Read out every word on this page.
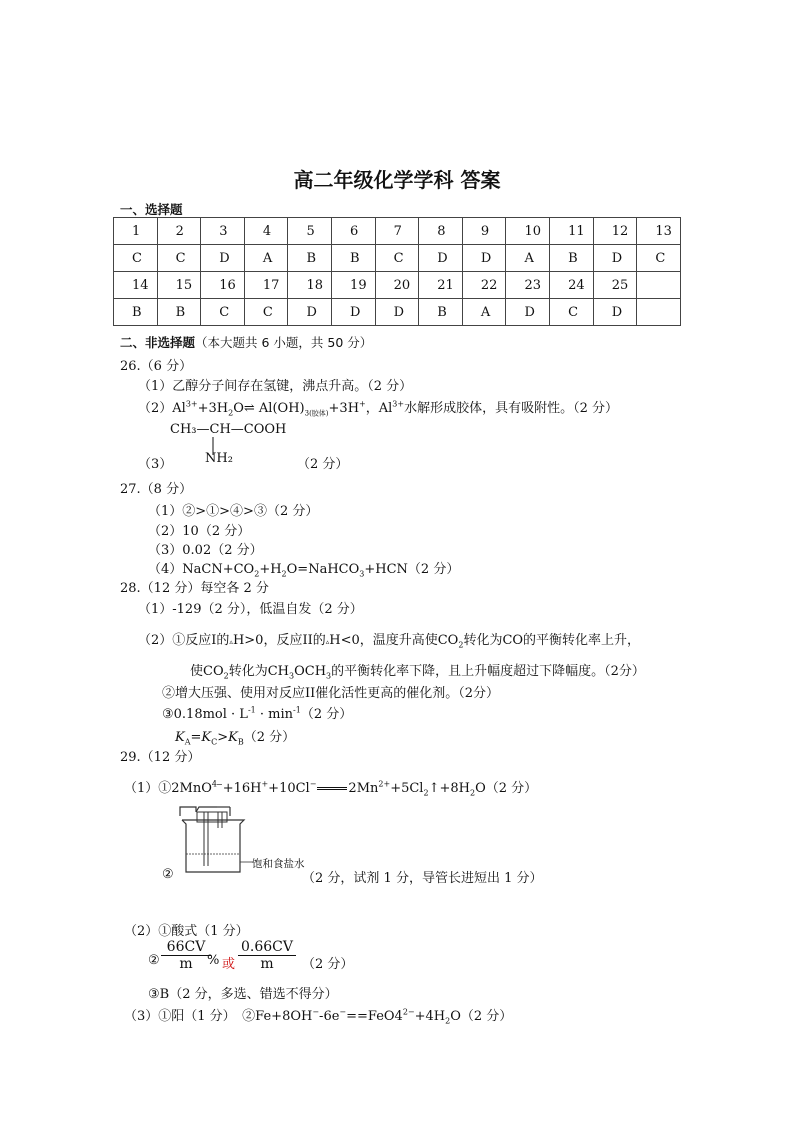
高二年级化学学科 答案
一、选择题
1	2	3	4	5	6	7	8	9	10	11	12	13
C	C	D	A	B	B	C	D	D	A	B	D	C
14	15	16	17	18	19	20	21	22	23	24	25	
B	B	C	C	D	D	D	B	A	D	C	D	
二、非选择题（本大题共 6 小题，共 50 分）
26.（6 分）
（1）乙醇分子间存在氢键，沸点升高。（2 分）
$(2)Al^{3+}+3H_2O\rightleftharpoons$ $Al(OH)_{3(胶体)}+3H^+$，$Al^{3+}$水解形成胶体，具有吸附性。（2 分）
CH₃—CH—COOH
（3）	NH₂	（2 分）
27.（8 分）
（1）②>①>④>③（2 分）
（2）10（2 分）
（3）0.02（2 分）
$(4)NaCN+CO_2+H_2O=NaHCO_3+HCN(2$ 分）
28.（12 分）每空各 2 分
（1）-129（2 分），低温自发（2 分）
（2）①反应I的▵H>0，反应II的▵H<0，温度升高使$CO_2$转化为CO的平衡转化率上升，
使$CO_2$转化为$CH_3OCH_3$的平衡转化率下降，且上升幅度超过下降幅度。（2分）
②增大压强、使用对反应II催化活性更高的催化剂。（2分）
③0.18mol · $L^{-1} \cdot \min^{-1}(2$ 分）
$K_A=K_C>K_B(2$ 分）
29.（12 分）
（1）①2MnO$^{4-}$+16H++10Cl− $2Mn^{2+}+5Cl_2↑+8H_2O(2$ 分）
②
饱和食盐水
（2 分，试剂 1 分，导管长进短出 1 分）
（2）①酸式（1 分）
② $\frac{66CV}{m}$
% 或 $\frac{0.66CV}{m} (2$ 分）
③B（2 分，多选、错选不得分）
（3）①阳（1 分）　$②Fe+8OH^--6e^-==FeO4^{2-}+4H_2O(2$ 分）
